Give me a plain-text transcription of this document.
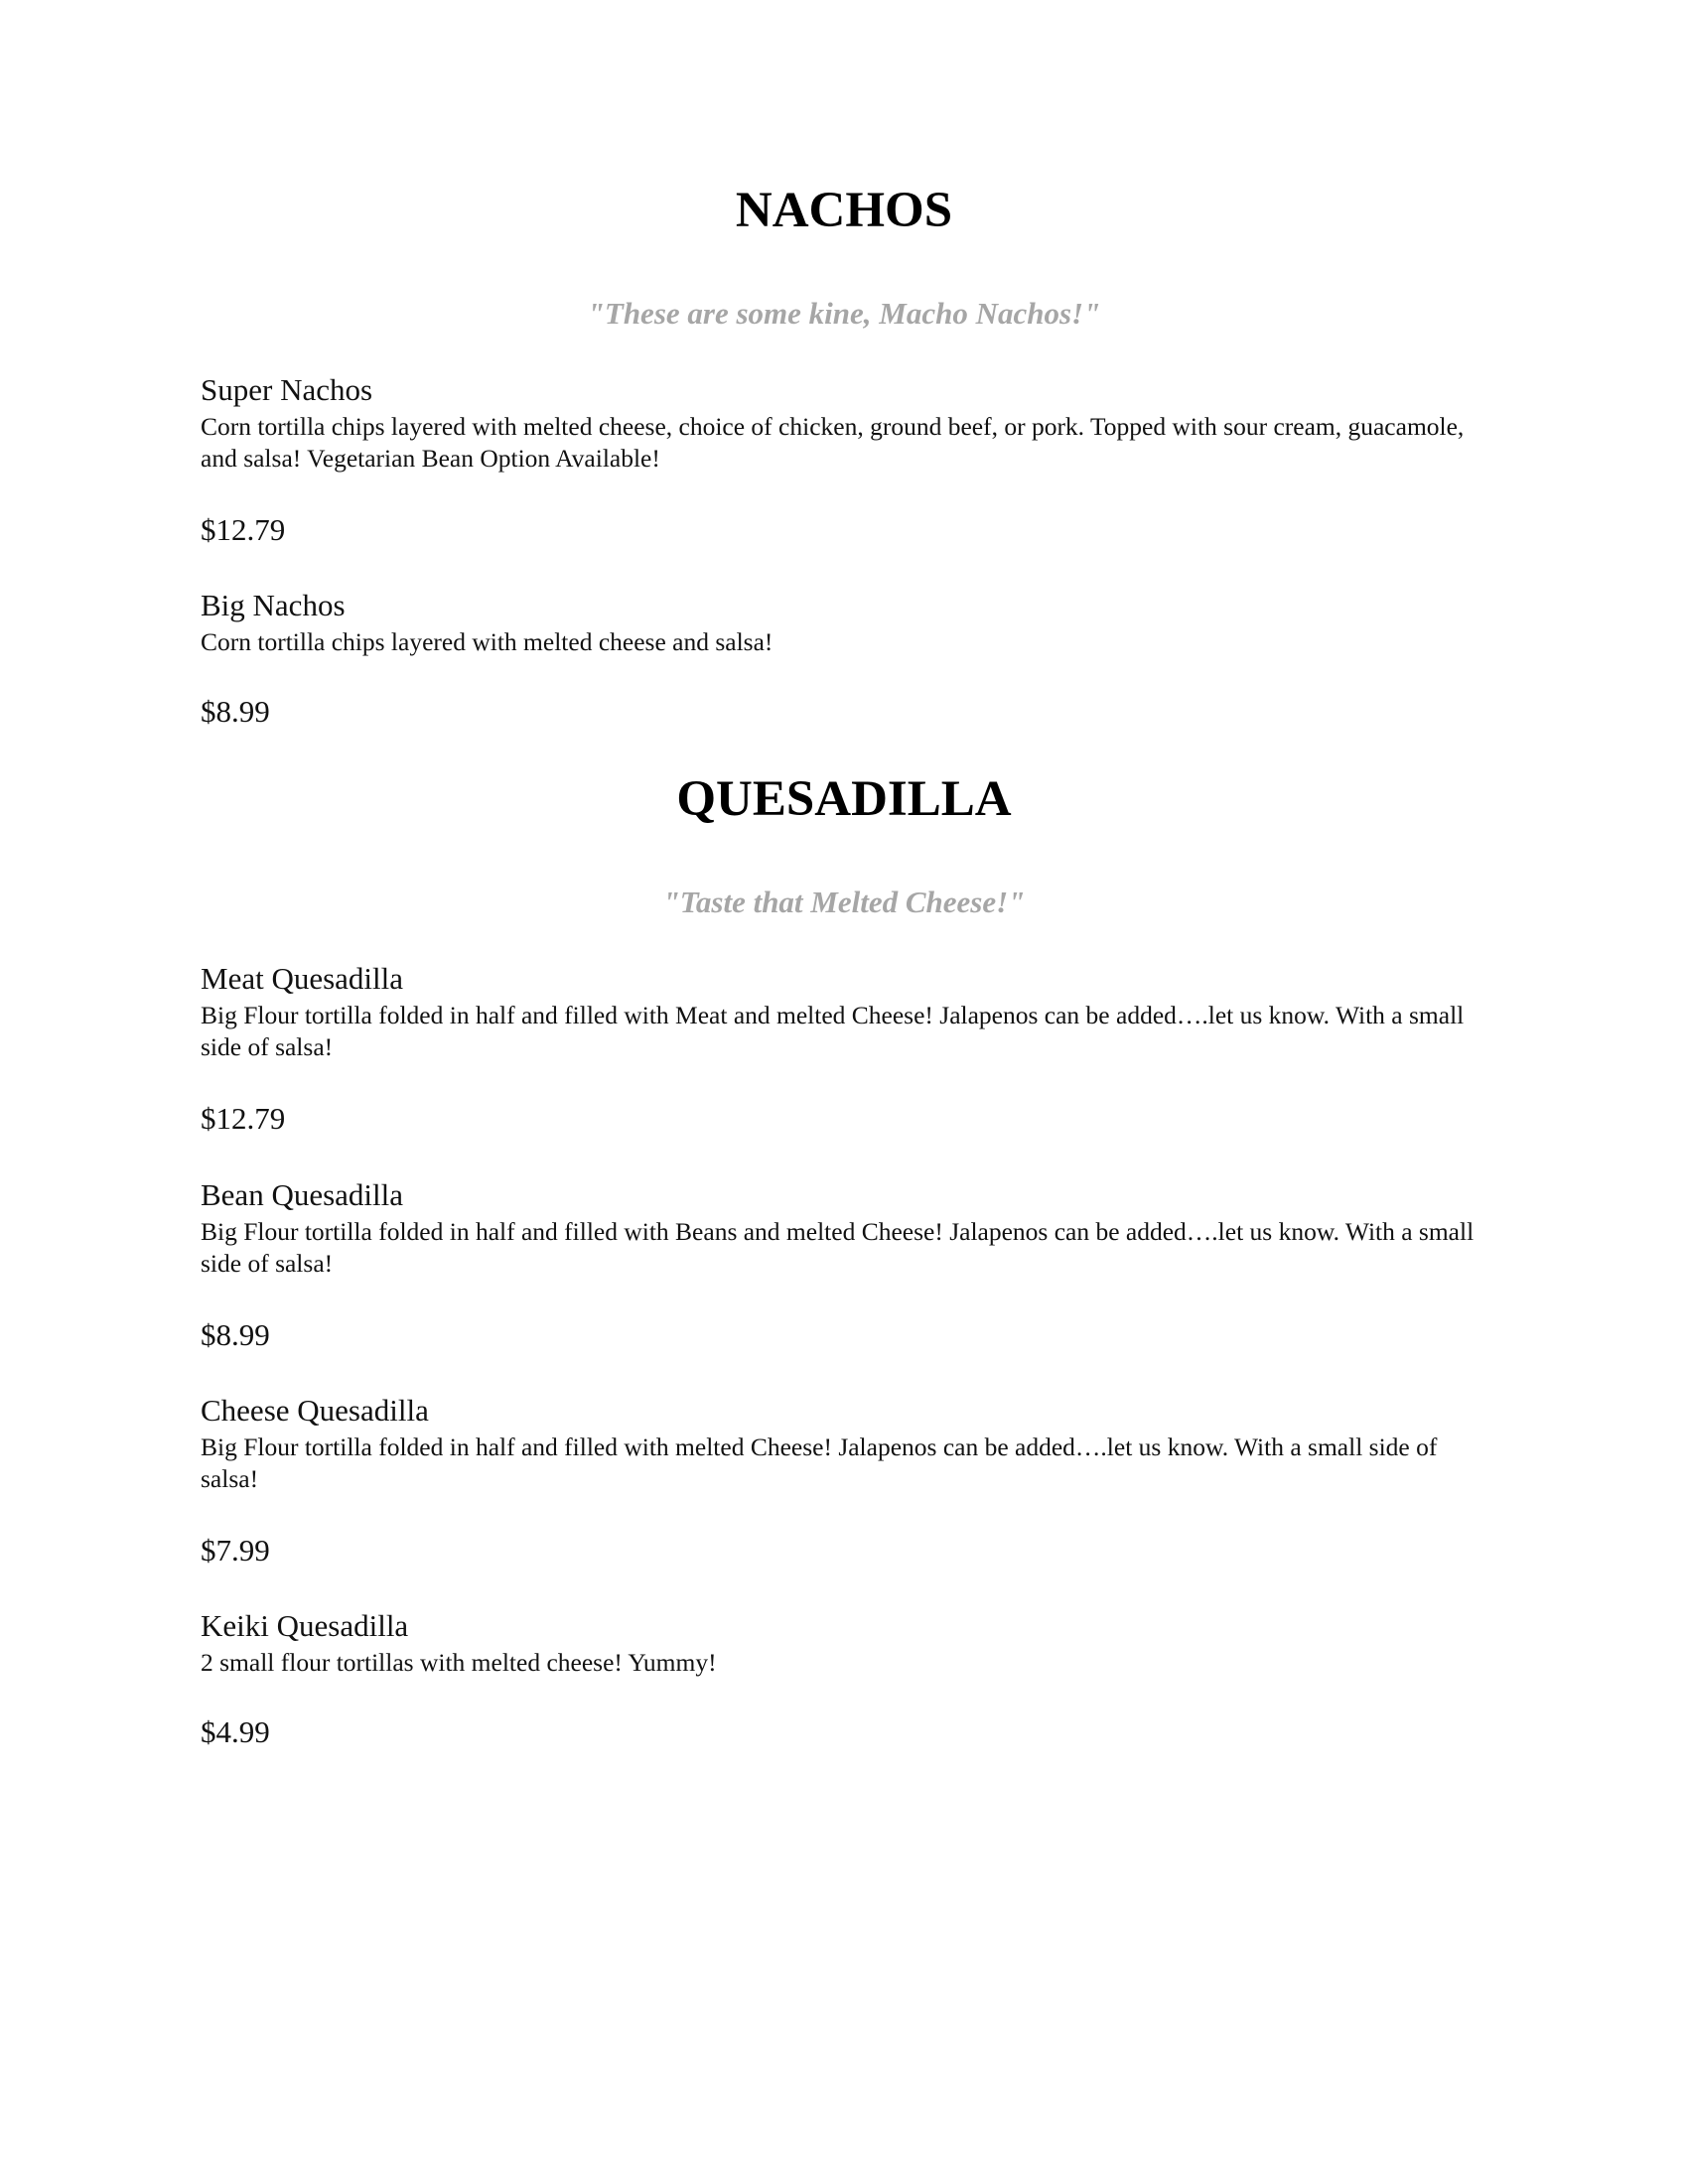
NACHOS

"These are some kine, Macho Nachos!"

Super Nachos

Corn tortilla chips layered with melted cheese, choice of chicken, ground beef, or pork. Topped with sour cream, guacamole, and salsa! Vegetarian Bean Option Available!

$12.79

Big Nachos

Corn tortilla chips layered with melted cheese and salsa!

$8.99

QUESADILLA

"Taste that Melted Cheese!"

Meat Quesadilla

Big Flour tortilla folded in half and filled with Meat and melted Cheese! Jalapenos can be added….let us know. With a small side of salsa!

$12.79

Bean Quesadilla

Big Flour tortilla folded in half and filled with Beans and melted Cheese! Jalapenos can be added….let us know. With a small side of salsa!

$8.99

Cheese Quesadilla

Big Flour tortilla folded in half and filled with melted Cheese! Jalapenos can be added….let us know. With a small side of salsa!

$7.99

Keiki Quesadilla

2 small flour tortillas with melted cheese! Yummy!

$4.99
